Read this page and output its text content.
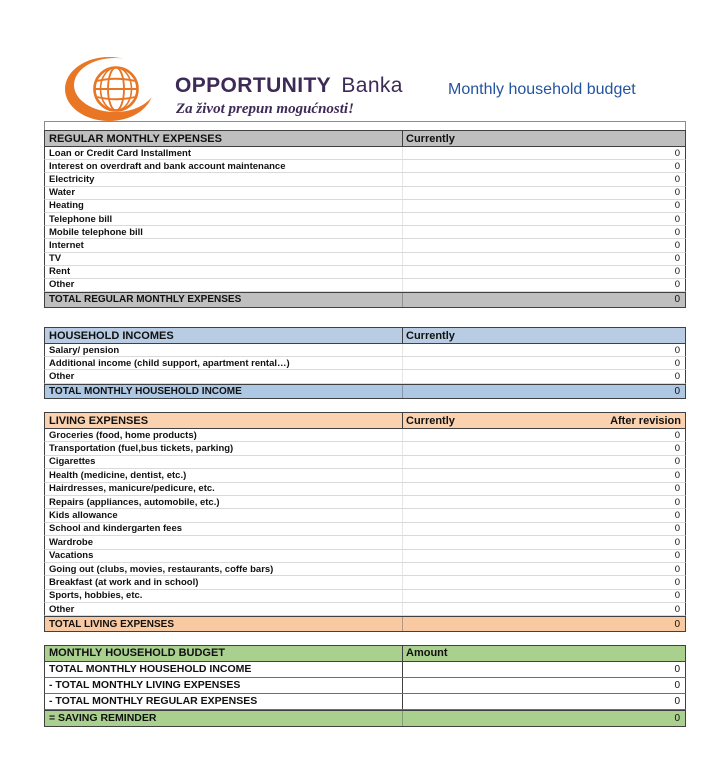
OPPORTUNITY Banka
Za život prepun mogućnosti!
Monthly household budget
REGULAR MONTHLY EXPENSES	Currently
Loan or Credit Card Installment	0
Interest on overdraft and bank account maintenance	0
Electricity	0
Water	0
Heating	0
Telephone bill	0
Mobile telephone bill	0
Internet	0
TV	0
Rent	0
Other	0
TOTAL REGULAR MONTHLY EXPENSES	0
HOUSEHOLD INCOMES	Currently
Salary/ pension	0
Additional income (child support, apartment rental…)	0
Other	0
TOTAL MONTHLY HOUSEHOLD INCOME	0
LIVING EXPENSES	Currently	After revision
Groceries (food, home products)	0
Transportation (fuel,bus tickets, parking)	0
Cigarettes	0
Health (medicine, dentist, etc.)	0
Hairdresses, manicure/pedicure, etc.	0
Repairs (appliances, automobile, etc.)	0
Kids allowance	0
School and kindergarten fees	0
Wardrobe	0
Vacations	0
Going out (clubs, movies, restaurants, coffe bars)	0
Breakfast (at work and in school)	0
Sports, hobbies, etc.	0
Other	0
TOTAL LIVING EXPENSES	0
MONTHLY HOUSEHOLD BUDGET	Amount
TOTAL MONTHLY HOUSEHOLD INCOME	0
- TOTAL MONTHLY LIVING EXPENSES	0
- TOTAL MONTHLY REGULAR EXPENSES	0
= SAVING REMINDER	0
